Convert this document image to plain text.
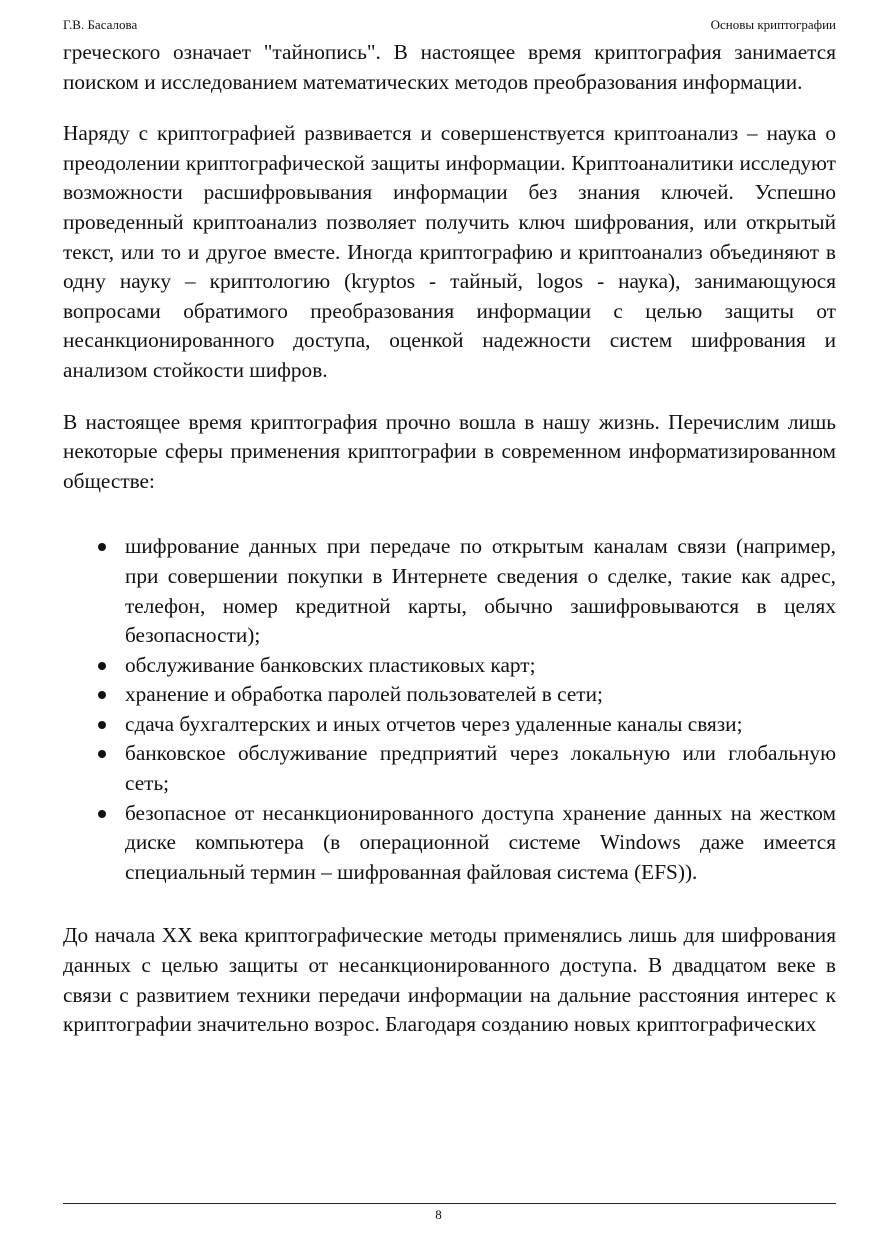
Г.В. Басалова	Основы криптографии

греческого означает "тайнопись". В настоящее время криптография занимается поиском и исследованием математических методов преобразования информации.

Наряду с криптографией развивается и совершенствуется криптоанализ – наука о преодолении криптографической защиты информации. Криптоаналитики исследуют возможности расшифровывания информации без знания ключей. Успешно проведенный криптоанализ позволяет получить ключ шифрования, или открытый текст, или то и другое вместе. Иногда криптографию и криптоанализ объединяют в одну науку – криптологию (kryptos - тайный, logos - наука), занимающуюся вопросами обратимого преобразования информации с целью защиты от несанкционированного доступа, оценкой надежности систем шифрования и анализом стойкости шифров.

В настоящее время криптография прочно вошла в нашу жизнь. Перечислим лишь некоторые сферы применения криптографии в современном информатизированном обществе:

шифрование данных при передаче по открытым каналам связи (например, при совершении покупки в Интернете сведения о сделке, такие как адрес, телефон, номер кредитной карты, обычно зашифровываются в целях безопасности);
обслуживание банковских пластиковых карт;
хранение и обработка паролей пользователей в сети;
сдача бухгалтерских и иных отчетов через удаленные каналы связи;
банковское обслуживание предприятий через локальную или глобальную сеть;
безопасное от несанкционированного доступа хранение данных на жестком диске компьютера (в операционной системе Windows даже имеется специальный термин – шифрованная файловая система (EFS)).

До начала XX века криптографические методы применялись лишь для шифрования данных с целью защиты от несанкционированного доступа. В двадцатом веке в связи с развитием техники передачи информации на дальние расстояния интерес к криптографии значительно возрос. Благодаря созданию новых криптографических

8
